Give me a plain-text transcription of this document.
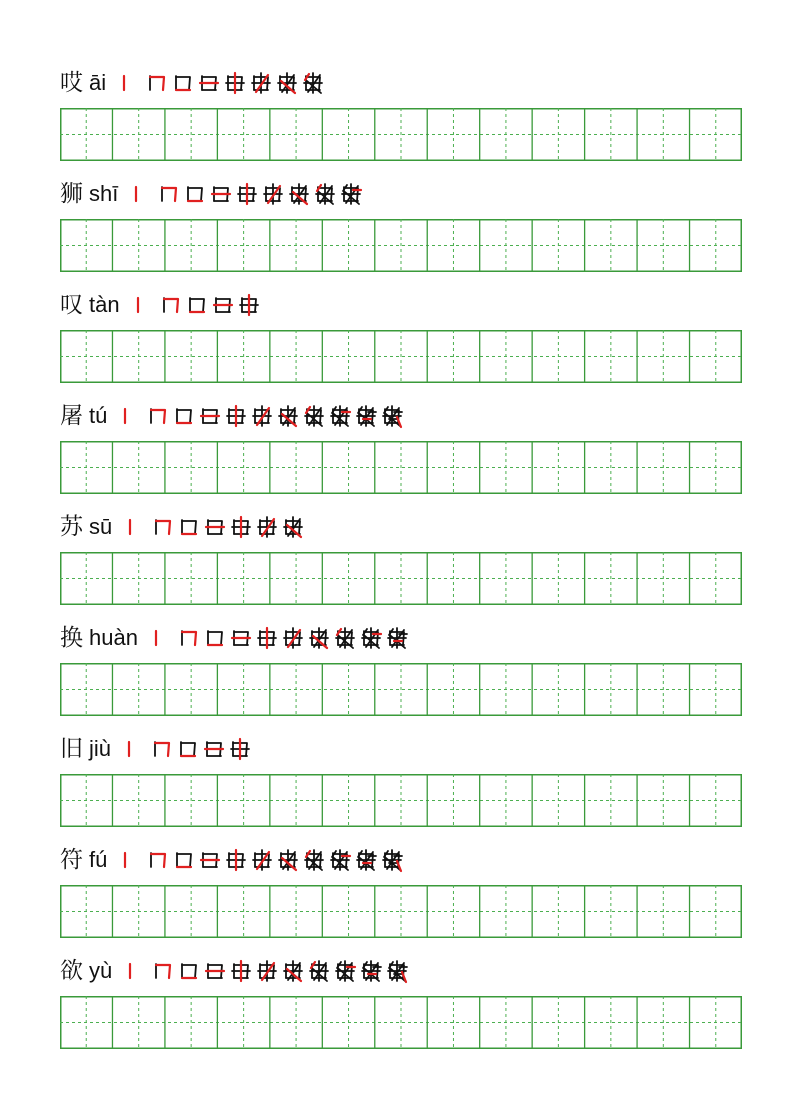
哎 āi
狮 shī
叹 tàn
屠 tú
苏 sū
换 huàn
旧 jiù
符 fú
欲 yù
